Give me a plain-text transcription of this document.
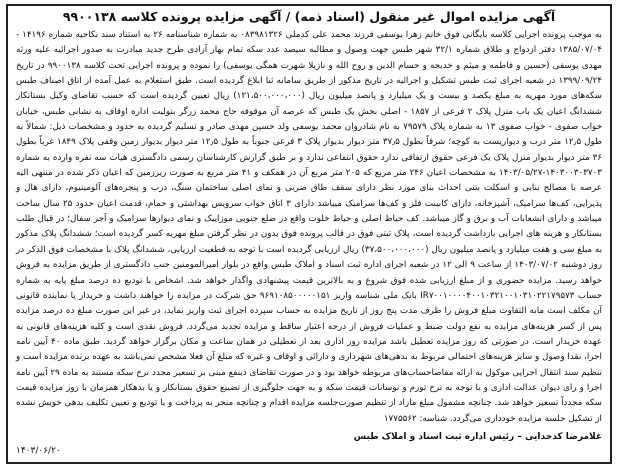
آگهی مزایده اموال غیر منقول (اسناد ذمه) / آگهی مزایده پرونده کلاسه ۹۹۰۰۱۳۸

به موجب پرونده اجرایی کلاسه بایگانی فوق خانم زهرا یوسفی فرزند محمد علی کدملی ۰۸۳۹۸۱۳۲۶ به شماره شناسنامه ۲۶ به استناد سند نکاحیه شماره ۱۴۱۹۶ - ۱۳۸۵/۰۷/۰۴ دفتر ازدواج و طلاق شماره ۳۲/۱ شهر طبس جهت وصول و مطالبه سیصد عدد سکه تمام بهار آزادی طرح جدید مبادرت به صدور اجرائیه علیه ورثه مهدی یوسفی (حسین و فاطمه و میثم و خدیجه و حسام الدین و روح الله و نازیلا شهرت همگی یوسفی) را نموده و پرونده اجرایی تحت کلاسه ۹۹۰۰۱۳۸ در تاریخ ۱۳۹۹/۰۹/۲۴ در شعبه اجرای ثبت طبس تشکیل و اجرائیه در تاریخ مذکور از طریق سامانه ثنا ابلاغ گردیده است. طبق استعلام به عمل آمده از اتاق اصناف طبس سکه‌های مورد مهریه به مبلغ یکصد و بیست و یک میلیارد و پانصد میلیون ریال (۱۲۱،۵۰۰،۰۰۰،۰۰۰) ریال تعیین گردیده است که حسب تقاضای وکیل بستانکار ششدانگ اعیان یک باب منزل پلاک ۲ فرعی از ۱۸۵۷ - اصلی بخش یک طبس که عرصه آن موقوفه حاج محمد زرگر بتولیت اداره اوقاف به نشانی طبس، خیابان خواب صفوی - خواب صفوی ۱۳ به شماره پلاک ۷۹۵۷۹ به نام شادروان محمد یوسفی ولد حسین مهدی صادر و تسلیم گردیده به حدود و مشخصات ذیل: شمالاً به طول ۱۲٫۵ متر درب و دیواریست به کوچه؛ شرقاً بطول ۳۷٫۵ متر دیوار بدیوار پلاک ۳ فرعی جنوباً به طول ۱۲٫۵ متر دیوار بدیوار زمین وقفی پلاک ۱۸۴۹ غرباً بطول ۳۶ متر دیوار بدیوار منزل پلاک یک فرعی حقوق ارتفاقی ندارد حقوق انتفاعی ندارد و بر طبق گزارش کارشناسان رسمی دادگستری هیات سه نفره وارده به شماره ۱۴۰۳۰۰۳۰۳۷۰۳-۱۴۰۳/۰۵/۲۷ به مشخصات اعیان ۲۴۶ متر مربع که ۲۰۵ متر مربع آن در همکف و ۴۱ متر مربع به صورت زیرزمین که اعیان ذکر شده در منتهی الیه عرصه با مصالح بنایی و اسکلت بتنی احداث بنای مورد نظر دارای سقف طاق ضربی و نمای اصلی ساختمان سنگ، درب و پنجره‌های آلومینیوم، دارای هال و پذیرایی، کف‌ها سرامیک، آشپزخانه، دارای کابینت فلز و کف‌ها سرامیک میباشد دارای ۳ اتاق خواب سرویس بهداشتی و حمام، قدمت اعیان حدود ۲۵ سال ساخت میباشد و دارای انشعابات آب و برق و گاز میباشد. کف حیاط اصلی و حیاط خلوت واقع در ضلع جنوبی موزاییک و نمای دیوارها سرامیک و آجر سفال؛ در قبال طلب بستانکار و هزینه های اجرایی بازداشت گردیده است، پلاک ثبتی فوق در قالب پرونده فوق بدون در نظر گرفتن مبلغ مهریه کسر گردیده است؛ ششدانگ پلاک مذکور به مبلغ سی و هفت میلیارد و پانصد میلیون ریال (۳۷،۵۰۰،۰۰۰،۰۰۰) ریال ارزیابی گردیده است با توجه به قطعیت ارزیابی، ششدانگ پلاک با مشخصات فوق الذکر در روز دوشنبه ۱۴۰۳/۰۷/۰۲ از ساعت ۹ الی ۱۲ در شعبه اجرای اداره ثبت اسناد و املاک طبس واقع در بلوار امیرالمومنین جنب دادگستری از طریق مزایده به فروش خواهد رسید. مزایده حضوری و از مبلغ ارزیابی شده فوق شروع و به بالاترین قیمت پیشنهادی واگذار خواهد شد. اشخاص با تودیع ده درصد مبلغ پایه به شماره حساب IR۷۰۰۱۰۰۰۰۴۰۰۱۰۳۲۱۰۰۱۰۳۱۰۲۲۱۷۹۵۷۳ بانک ملی شناسه واریز ۹۶۹۱۰۸۵۰۰۰۰۰۱۵۱ حق شرکت در مزایده را خواهند داشت و خریدار یا نماینده قانونی آن مکلف است مابه التفاوت مبلغ فروش را ظرف مدت پنج روز از تاریخ مزایده به حساب سپرده اجرای ثبت واریز نماید، در غیر این صورت مبلغ ده درصد مزایده پس از کسر هزینه‌های مزایده به نفع دولت ضبط و عملیات فروش از درجه اعتبار ساقط و مزایده تجدید می‌گردد. فروش نقدی است و کلیه هزینه‌های قانونی به عهده خریدار است. در صورتی که روز مزایده تعطیل باشد مزایده روز اداری بعد از تعطیلی در همان ساعت و مکان برگزار خواهد گردید. طبق ماده ۴۰ آیین نامه اجرا، نقدا وصول و سایر هزینه‌های احتمالی مربوط به بدهی‌های شهرداری و دارائی و اوقاف و غیره که مبلغ آن فعلا مشخص نمی‌باشد به عهده برنده مزایده است و تنظیم سند انتقال اجرایی موکول به ارائه مفاصاحساب‌های مربوطه خواهد بود و در صورت تقاضای ذینفع مبنی بر تسعیر مجدد نرخ سکه مستند به ماده ۲۹ آیین نامه اجرا و رای دیوان عدالت اداری و با توجه به نرخ تورم و نوسانات قیمت سکه و به جهت جلوگیری از تضییع حقوق بستانکار و یا بدهکار همزمان با روز مزایده قیمت سکه مجدداً تسعیر خواهد شد. چنانچه مشمول مبلغ مازاد از تنظیم صورت‌جلسه مزایده اقدام و چنانچه منجر به پرداخت و یا تودیع و تعیین تکلیف بدهی خویش نشده از تشکیل جلسه مزایده خودداری می‌گردد. شناسه: ۱۷۷۵۵۶۲

غلامرضا کدخدایی – رئیس اداره ثبت اسناد و املاک طبس
۱۴۰۳/۰۶/۲۰
